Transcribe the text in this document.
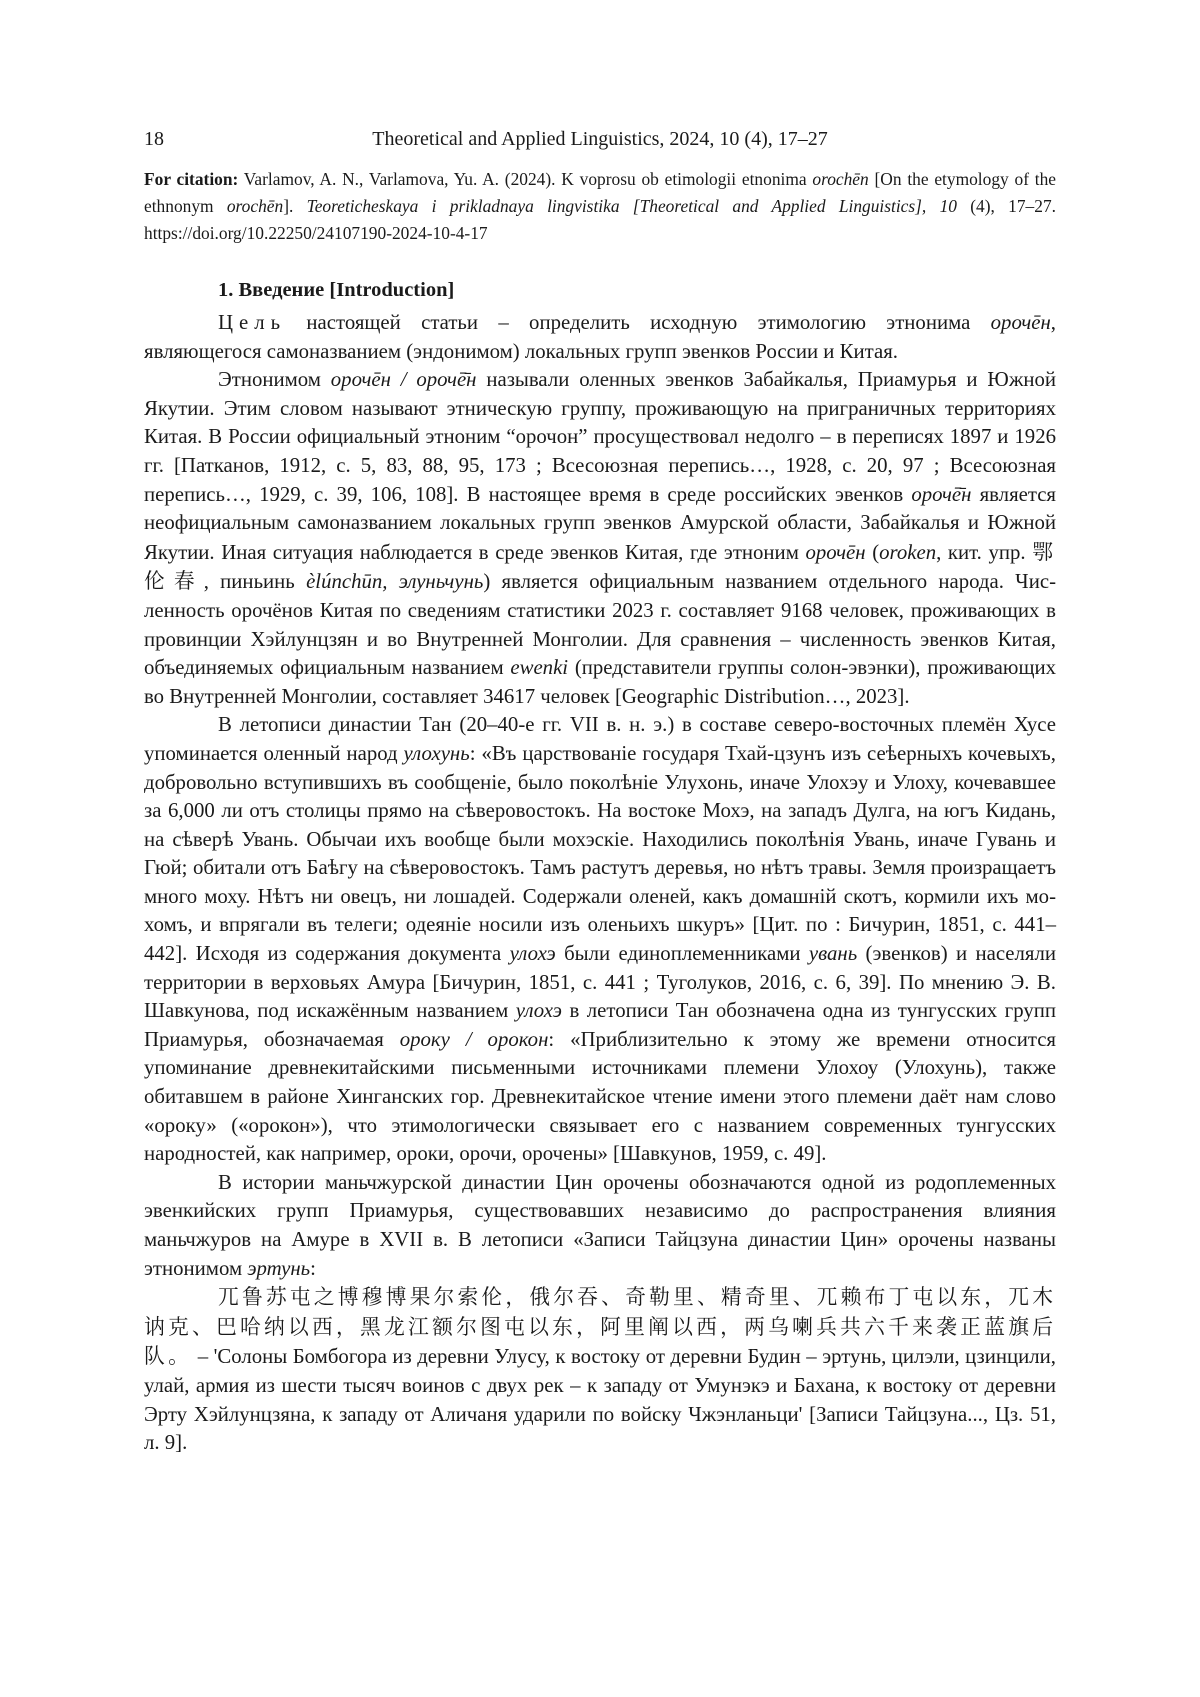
18	Theoretical and Applied Linguistics, 2024, 10 (4), 17–27
For citation: Varlamov, A. N., Varlamova, Yu. A. (2024). K voprosu ob etimologii etnonima orochēn [On the etymology of the ethnonym orochēn]. Teoreticheskaya i prikladnaya lingvistika [Theoretical and Applied Linguistics], 10 (4), 17–27. https://doi.org/10.22250/24107190-2024-10-4-17
1. Введение [Introduction]

Цель настоящей статьи – определить исходную этимологию этнонима орочēн, являющегося самоназванием (эндонимом) локальных групп эвенков России и Китая.

Этнонимом орочēн / орочē̄н называли оленных эвенков Забайкалья, Приамурья и Южной Якутии. Этим словом называют этническую группу, проживающую на приграничных территориях Китая. В России официальный этноним “орочон” просуществовал недолго – в переписях 1897 и 1926 гг. [Патканов, 1912, с. 5, 83, 88, 95, 173 ; Всесоюзная перепись…, 1928, с. 20, 97 ; Всесоюзная перепись…, 1929, с. 39, 106, 108]. В настоящее время в среде российских эвенков орочē̄н является неофициальным самоназванием локальных групп эвенков Амурской области, Забайкалья и Южной Якутии. Иная ситуация наблюдается в среде эвенков Китая, где этноним орочēн (oroken, кит. упр. 鄂伦春, пиньинь èlúnchūn, элуньчунь) является официальным названием отдельного народа. Численность орочёнов Китая по сведениям статистики 2023 г. составляет 9168 человек, проживающих в провинции Хэйлунцзян и во Внутренней Монголии. Для сравнения – численность эвенков Китая, объединяемых официальным названием ewenki (представители группы солон-эвэнки), проживающих во Внутренней Монголии, составляет 34617 человек [Geographic Distribution…, 2023].

В летописи династии Тан (20–40-е гг. VII в. н. э.) в составе северо-восточных племён Хусе упоминается оленный народ улохунь: «Въ царствованіе государя Тхай-цзунъ изъ сеѣерныхъ кочевыхъ, добровольно вступившихъ въ сообщеніе, было поколѣніе Улухонь, иначе Улохэу и Улоху, кочевавшее за 6,000 ли отъ столицы прямо на сѣверовостокъ. На востоке Мохэ, на западъ Дулга, на югъ Кидань, на сѣверѣ Увань. Обычаи ихъ вообще были мохэскіе. Находились поколѣнія Увань, иначе Гувань и Гюй; обитали отъ Баѣгу на сѣверовостокъ. Тамъ растутъ деревья, но нѣтъ травы. Земля произращаетъ много моху. Нѣтъ ни овецъ, ни лошадей. Содержали оленей, какъ домашній скотъ, кормили ихъ мохомъ, и впрягали въ телеги; одеяніе носили изъ оленьихъ шкуръ» [Цит. по : Бичурин, 1851, с. 441–442]. Исходя из содержания документа улохэ были единоплеменниками увань (эвенков) и населяли территории в верховьях Амура [Бичурин, 1851, с. 441 ; Туголуков, 2016, с. 6, 39]. По мнению Э. В. Шавкунова, под искажённым названием улохэ в летописи Тан обозначена одна из тунгусских групп Приамурья, обозначаемая ороку / орокон: «Приблизительно к этому же времени относится упоминание древнекитайскими письменными источниками племени Улохоу (Улохунь), также обитавшем в районе Хинганских гор. Древнекитайское чтение имени этого племени даёт нам слово «ороку» («орокон»), что этимологически связывает его с названием современных тунгусских народностей, как например, ороки, орочи, орочены» [Шавкунов, 1959, с. 49].

В истории маньчжурской династии Цин орочены обозначаются одной из родоплеменных эвенкийских групп Приамурья, существовавших независимо до распространения влияния маньчжуров на Амуре в XVII в. В летописи «Записи Тайцзуна династии Цин» орочены названы этнонимом эртунь:

兀鲁苏屯之博穆博果尔索伦，俄尔吞、奇勒里、精奇里、兀赖布丁屯以东，兀木讷克、巴哈纳以西，黑龙江额尔图屯以东，阿里阐以西，两乌喇兵共六千来袭正蓝旗后队。 – 'Солоны Бомбогора из деревни Улусу, к востоку от деревни Будин – эртунь, цилэли, цзинцили, улай, армия из шести тысяч воинов с двух рек – к западу от Умунэкэ и Бахана, к востоку от деревни Эрту Хэйлунцзяна, к западу от Аличаня ударили по войску Чжэнланьци' [Записи Тайцзуна..., Цз. 51, л. 9].
